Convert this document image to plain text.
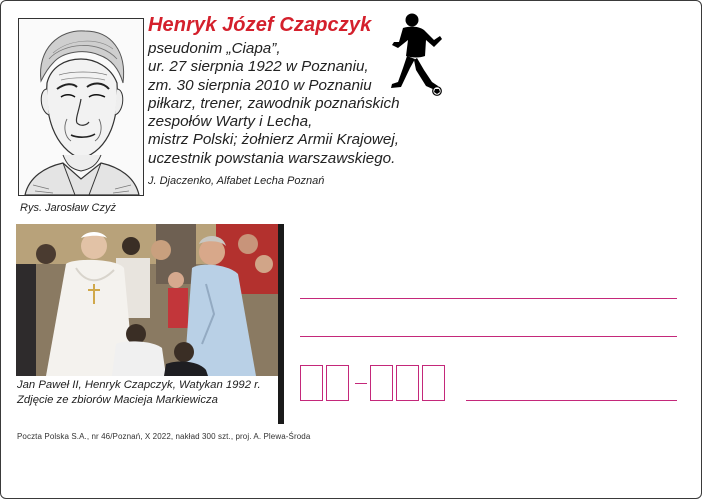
Rys. Jarosław Czyż
Henryk Józef Czapczyk
pseudonim „Ciapa”,
ur. 27 sierpnia 1922 w Poznaniu,
zm. 30 sierpnia 2010 w Poznaniu
piłkarz, trener, zawodnik poznańskich
zespołów Warty i Lecha,
mistrz Polski; żołnierz Armii Krajowej,
uczestnik powstania warszawskiego.
J. Djaczenko, Alfabet Lecha Poznań
Jan Paweł II, Henryk Czapczyk, Watykan 1992 r.
Zdjęcie ze zbiorów Macieja Markiewicza
Poczta Polska S.A., nr 46/Poznań, X 2022, nakład 300 szt., proj. A. Plewa-Środa
